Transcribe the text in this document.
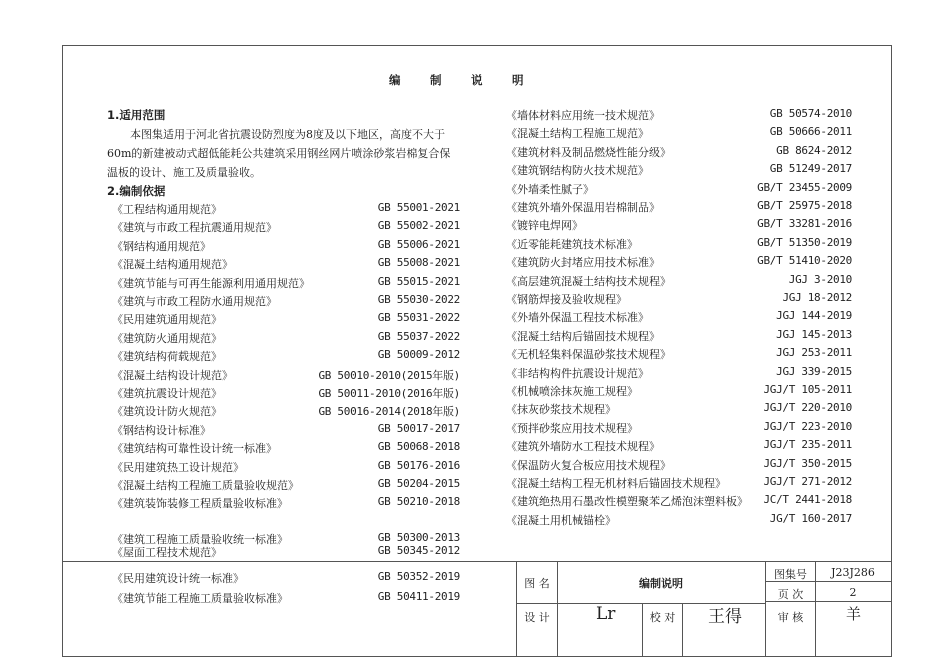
编	制	说	明
1.适用范围
本图集适用于河北省抗震设防烈度为8度及以下地区，高度不大于
60m的新建被动式超低能耗公共建筑采用钢丝网片喷涂砂浆岩棉复合保
温板的设计、施工及质量验收。
2.编制依据
《工程结构通用规范》	GB 55001-2021
《建筑与市政工程抗震通用规范》	GB 55002-2021
《钢结构通用规范》	GB 55006-2021
《混凝土结构通用规范》	GB 55008-2021
《建筑节能与可再生能源利用通用规范》	GB 55015-2021
《建筑与市政工程防水通用规范》	GB 55030-2022
《民用建筑通用规范》	GB 55031-2022
《建筑防火通用规范》	GB 55037-2022
《建筑结构荷载规范》	GB 50009-2012
《混凝土结构设计规范》	GB 50010-2010(2015年版)
《建筑抗震设计规范》	GB 50011-2010(2016年版)
《建筑设计防火规范》	GB 50016-2014(2018年版)
《钢结构设计标准》	GB 50017-2017
《建筑结构可靠性设计统一标准》	GB 50068-2018
《民用建筑热工设计规范》	GB 50176-2016
《混凝土结构工程施工质量验收规范》	GB 50204-2015
《建筑装饰装修工程质量验收标准》	GB 50210-2018
《建筑工程施工质量验收统一标准》	GB 50300-2013
《屋面工程技术规范》	GB 50345-2012
《民用建筑设计统一标准》	GB 50352-2019
《建筑节能工程施工质量验收标准》	GB 50411-2019
《墙体材料应用统一技术规范》	GB 50574-2010
《混凝土结构工程施工规范》	GB 50666-2011
《建筑材料及制品燃烧性能分级》	GB 8624-2012
《建筑钢结构防火技术规范》	GB 51249-2017
《外墙柔性腻子》	GB/T 23455-2009
《建筑外墙外保温用岩棉制品》	GB/T 25975-2018
《镀锌电焊网》	GB/T 33281-2016
《近零能耗建筑技术标准》	GB/T 51350-2019
《建筑防火封堵应用技术标准》	GB/T 51410-2020
《高层建筑混凝土结构技术规程》	JGJ 3-2010
《钢筋焊接及验收规程》	JGJ 18-2012
《外墙外保温工程技术标准》	JGJ 144-2019
《混凝土结构后锚固技术规程》	JGJ 145-2013
《无机轻集料保温砂浆技术规程》	JGJ 253-2011
《非结构构件抗震设计规范》	JGJ 339-2015
《机械喷涂抹灰施工规程》	JGJ/T 105-2011
《抹灰砂浆技术规程》	JGJ/T 220-2010
《预拌砂浆应用技术规程》	JGJ/T 223-2010
《建筑外墙防水工程技术规程》	JGJ/T 235-2011
《保温防火复合板应用技术规程》	JGJ/T 350-2015
《混凝土结构工程无机材料后锚固技术规程》	JGJ/T 271-2012
《建筑绝热用石墨改性模塑聚苯乙烯泡沫塑料板》 JC/T 2441-2018
《混凝土用机械锚栓》	JG/T 160-2017
图 名	编制说明
图集号	J23J286
页 次	2
设 计	Lr	校 对	王得	审 核	羊
